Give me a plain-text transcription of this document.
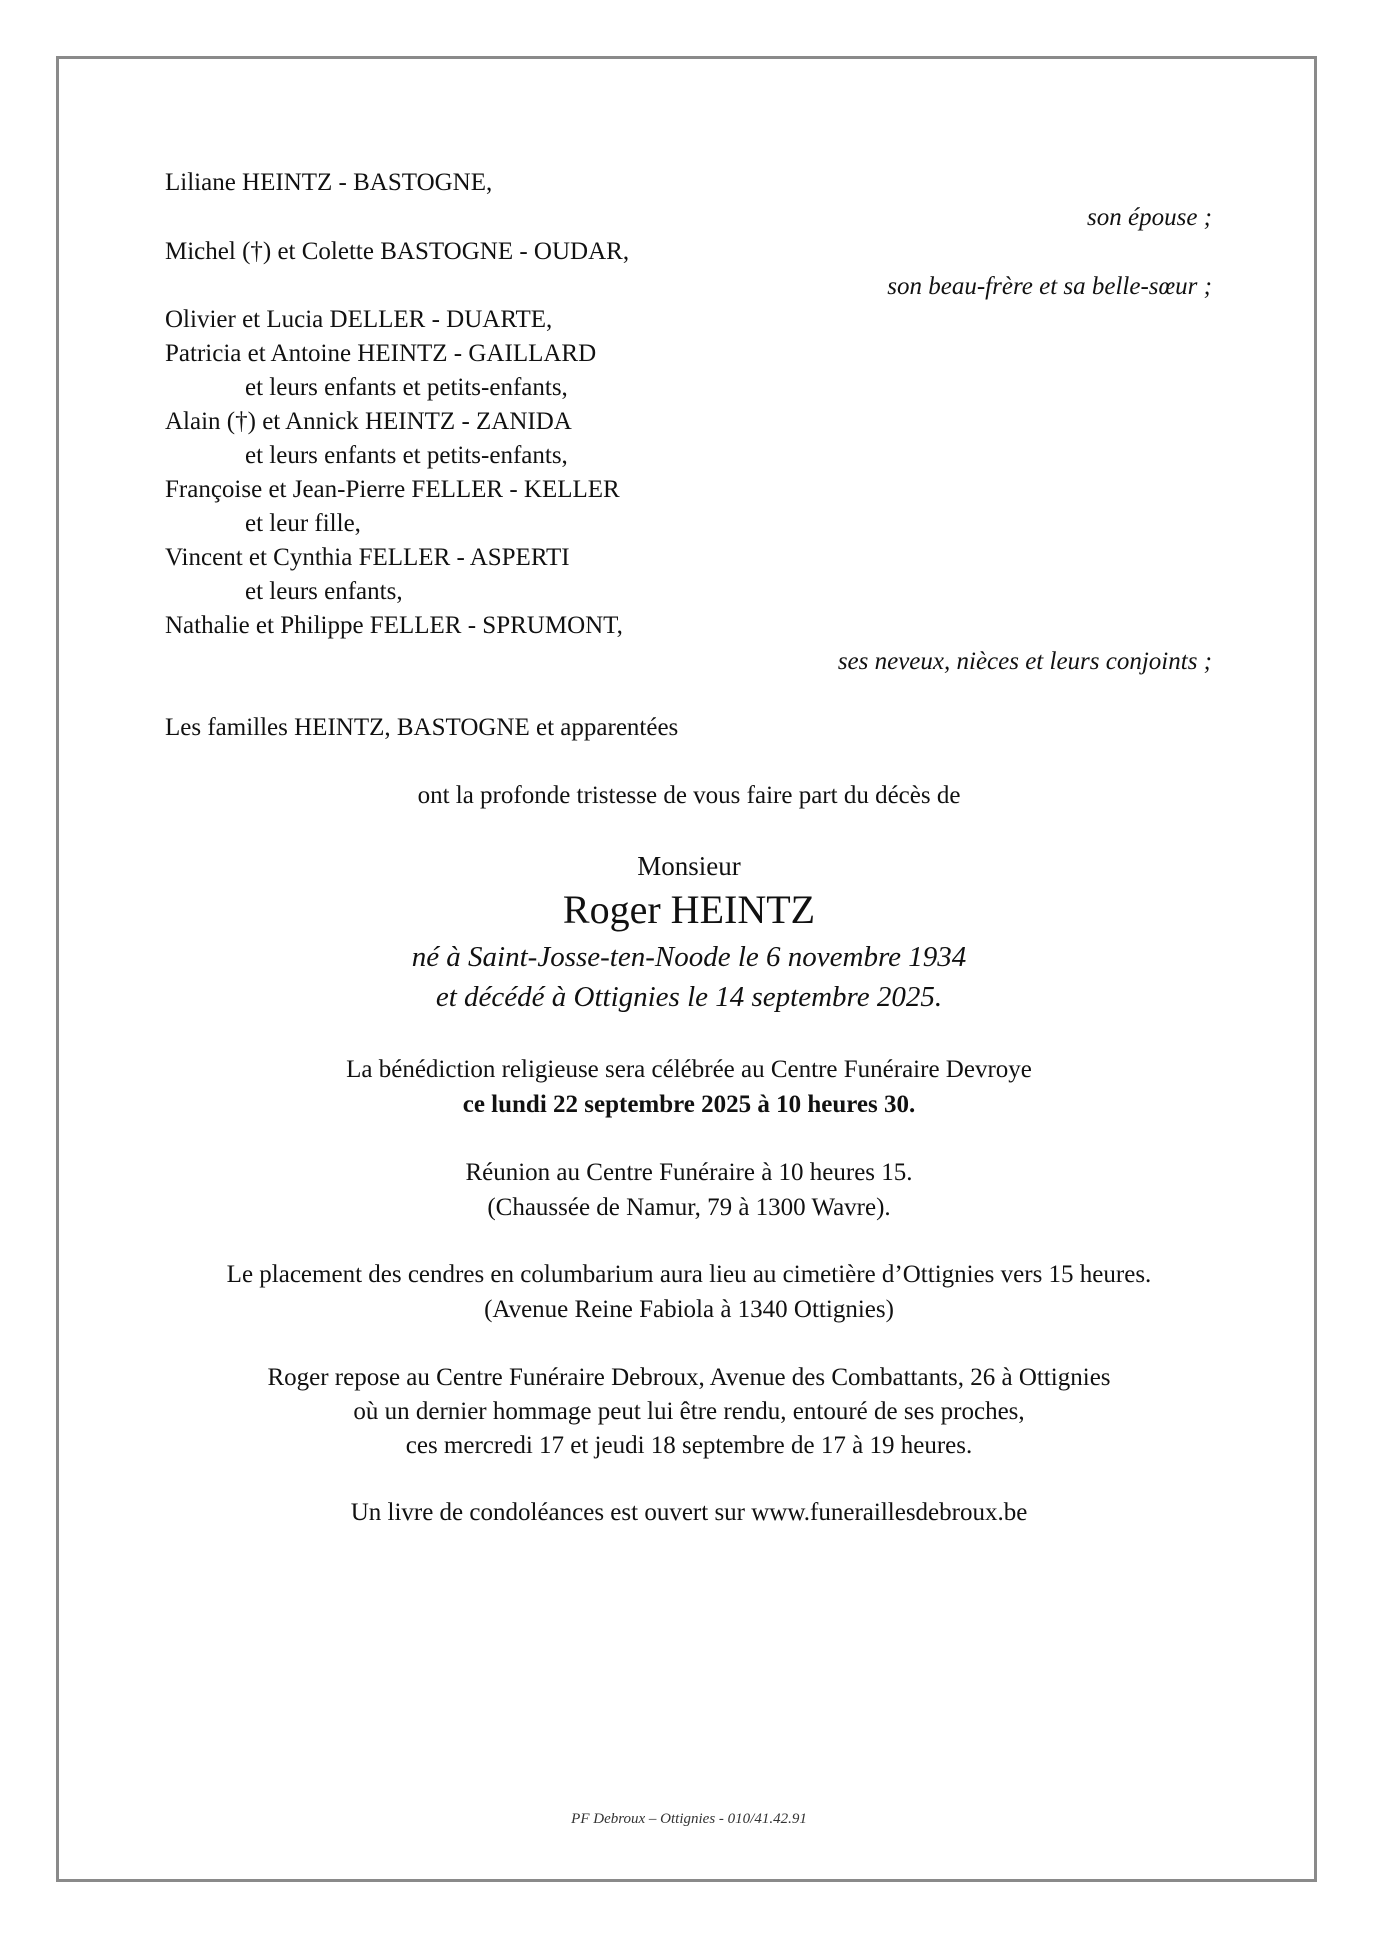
Liliane HEINTZ - BASTOGNE,
son épouse ;
Michel (†) et Colette BASTOGNE - OUDAR,
son beau-frère et sa belle-sœur ;
Olivier et Lucia DELLER - DUARTE,
Patricia et Antoine HEINTZ - GAILLARD
et leurs enfants et petits-enfants,
Alain (†) et Annick HEINTZ - ZANIDA
et leurs enfants et petits-enfants,
Françoise et Jean-Pierre FELLER - KELLER
et leur fille,
Vincent et Cynthia FELLER - ASPERTI
et leurs enfants,
Nathalie et Philippe FELLER - SPRUMONT,
ses neveux, nièces et leurs conjoints ;
Les familles HEINTZ, BASTOGNE et apparentées
ont la profonde tristesse de vous faire part du décès de
Monsieur
Roger HEINTZ
né à Saint-Josse-ten-Noode le 6 novembre 1934
et décédé à Ottignies le 14 septembre 2025.
La bénédiction religieuse sera célébrée au Centre Funéraire Devroye
ce lundi 22 septembre 2025 à 10 heures 30.
Réunion au Centre Funéraire à 10 heures 15.
(Chaussée de Namur, 79 à 1300 Wavre).
Le placement des cendres en columbarium aura lieu au cimetière d’Ottignies vers 15 heures.
(Avenue Reine Fabiola à 1340 Ottignies)
Roger repose au Centre Funéraire Debroux, Avenue des Combattants, 26 à Ottignies
où un dernier hommage peut lui être rendu, entouré de ses proches,
ces mercredi 17 et jeudi 18 septembre de 17 à 19 heures.
Un livre de condoléances est ouvert sur www.funeraillesdebroux.be
PF Debroux – Ottignies - 010/41.42.91
